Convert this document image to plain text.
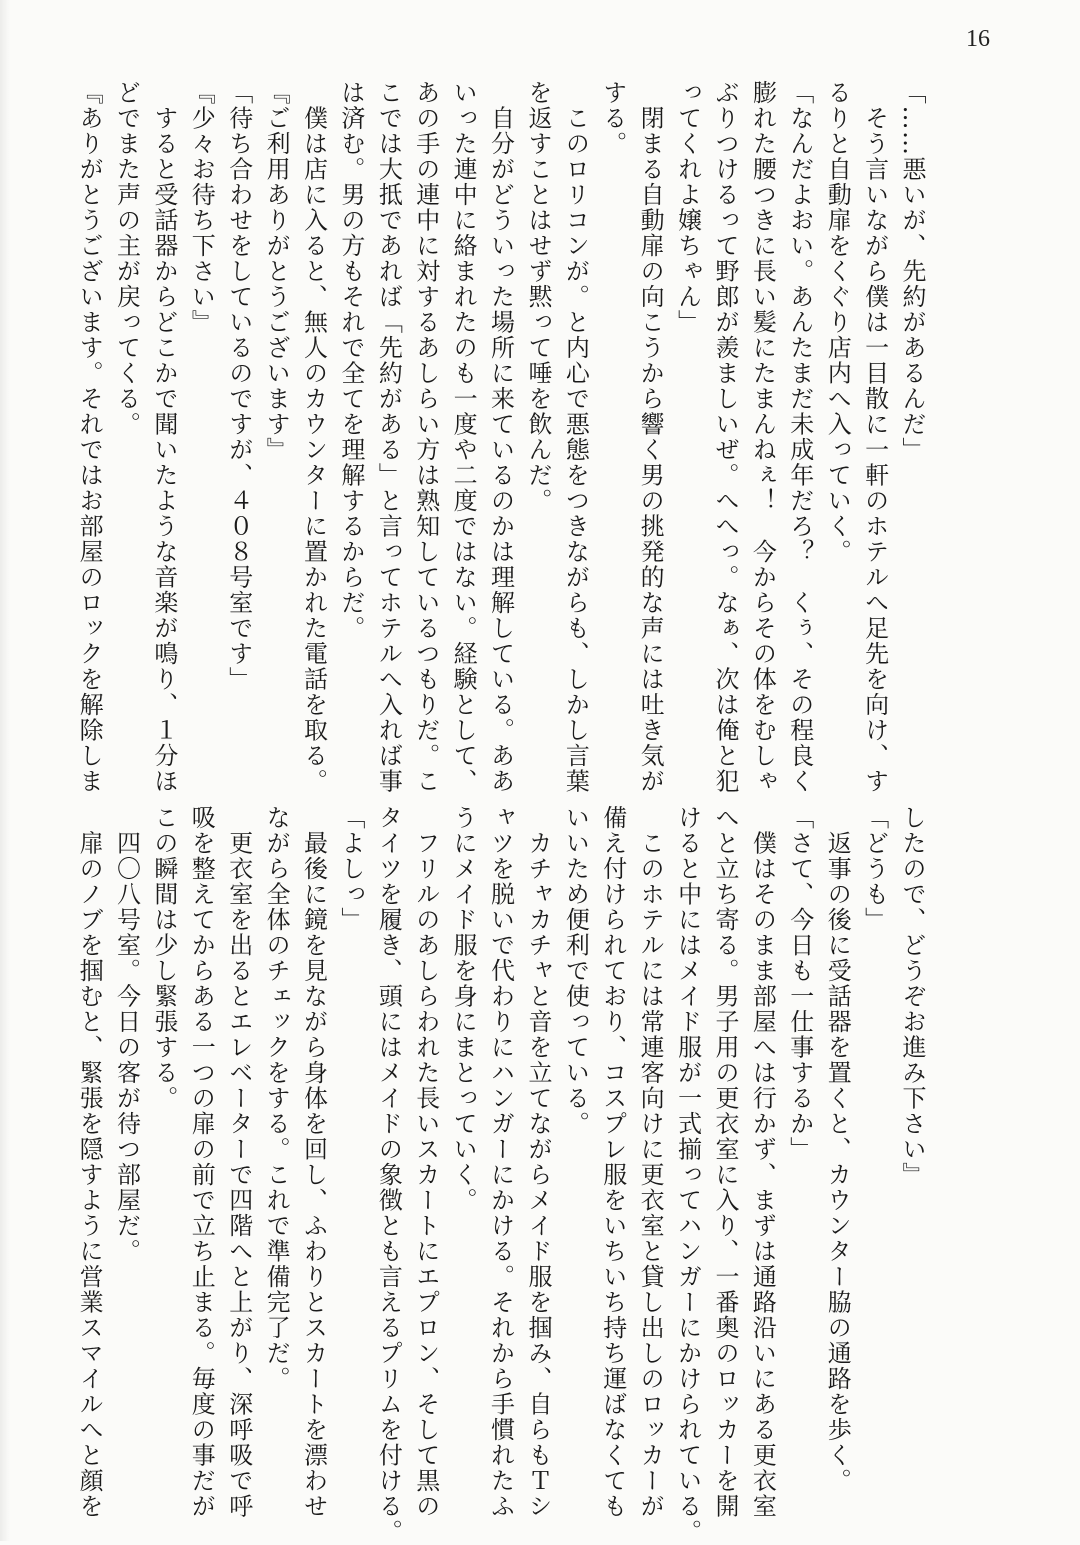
16
「……悪いが、先約があるんだ」
　そう言いながら僕は一目散に一軒のホテルへ足先を向け、す
るりと自動扉をくぐり店内へ入っていく。
「なんだよおい。あんたまだ未成年だろ？　くぅ、その程良く
膨れた腰つきに長い髪にたまんねぇ！　今からその体をむしゃ
ぶりつけるって野郎が羨ましいぜ。へへっ。なぁ、次は俺と犯
ってくれよ嬢ちゃん」
　閉まる自動扉の向こうから響く男の挑発的な声には吐き気が
する。
　このロリコンが。と内心で悪態をつきながらも、しかし言葉
を返すことはせず黙って唾を飲んだ。
　自分がどういった場所に来ているのかは理解している。ああ
いった連中に絡まれたのも一度や二度ではない。経験として、
あの手の連中に対するあしらい方は熟知しているつもりだ。こ
こでは大抵であれば「先約がある」と言ってホテルへ入れば事
は済む。男の方もそれで全てを理解するからだ。
　僕は店に入ると、無人のカウンターに置かれた電話を取る。
『ご利用ありがとうございます』
「待ち合わせをしているのですが、４０８号室です」
『少々お待ち下さい』
　すると受話器からどこかで聞いたような音楽が鳴り、１分ほ
どでまた声の主が戻ってくる。
『ありがとうございます。それではお部屋のロックを解除しま
したので、どうぞお進み下さい』
「どうも」
　返事の後に受話器を置くと、カウンター脇の通路を歩く。
「さて、今日も一仕事するか」
　僕はそのまま部屋へは行かず、まずは通路沿いにある更衣室
へと立ち寄る。男子用の更衣室に入り、一番奥のロッカーを開
けると中にはメイド服が一式揃ってハンガーにかけられている。
　このホテルには常連客向けに更衣室と貸し出しのロッカーが
備え付けられており、コスプレ服をいちいち持ち運ばなくても
いいため便利で使っている。
　カチャカチャと音を立てながらメイド服を掴み、自らもＴシ
ャツを脱いで代わりにハンガーにかける。それから手慣れたふ
うにメイド服を身にまとっていく。
　フリルのあしらわれた長いスカートにエプロン、そして黒の
タイツを履き、頭にはメイドの象徴とも言えるプリムを付ける。
「よしっ」
　最後に鏡を見ながら身体を回し、ふわりとスカートを漂わせ
ながら全体のチェックをする。これで準備完了だ。
　更衣室を出るとエレベーターで四階へと上がり、深呼吸で呼
吸を整えてからある一つの扉の前で立ち止まる。毎度の事だが
この瞬間は少し緊張する。
　四〇八号室。今日の客が待つ部屋だ。
　扉のノブを掴むと、緊張を隠すように営業スマイルへと顔を
